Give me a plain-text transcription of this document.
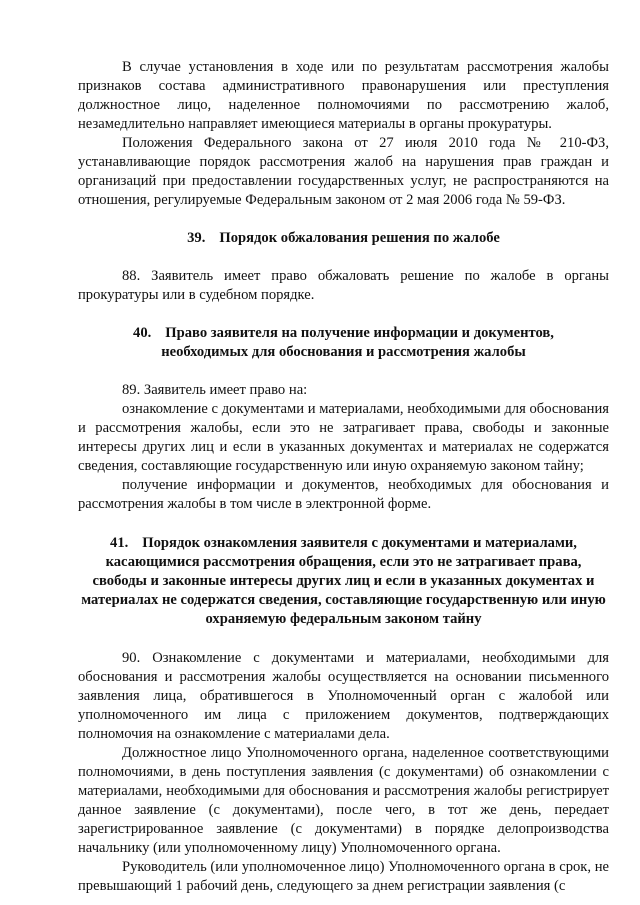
В случае установления в ходе или по результатам рассмотрения жалобы признаков состава административного правонарушения или преступления должностное лицо, наделенное полномочиями по рассмотрению жалоб, незамедлительно направляет имеющиеся материалы в органы прокуратуры.

Положения Федерального закона от 27 июля 2010 года № 210-ФЗ, устанавливающие порядок рассмотрения жалоб на нарушения прав граждан и организаций при предоставлении государственных услуг, не распространяются на отношения, регулируемые Федеральным законом от 2 мая 2006 года № 59-ФЗ.

39. Порядок обжалования решения по жалобе

88. Заявитель имеет право обжаловать решение по жалобе в органы прокуратуры или в судебном порядке.

40. Право заявителя на получение информации и документов, необходимых для обоснования и рассмотрения жалобы

89. Заявитель имеет право на:

ознакомление с документами и материалами, необходимыми для обоснования и рассмотрения жалобы, если это не затрагивает права, свободы и законные интересы других лиц и если в указанных документах и материалах не содержатся сведения, составляющие государственную или иную охраняемую законом тайну;

получение информации и документов, необходимых для обоснования и рассмотрения жалобы в том числе в электронной форме.

41. Порядок ознакомления заявителя с документами и материалами, касающимися рассмотрения обращения, если это не затрагивает права, свободы и законные интересы других лиц и если в указанных документах и материалах не содержатся сведения, составляющие государственную или иную охраняемую федеральным законом тайну

90. Ознакомление с документами и материалами, необходимыми для обоснования и рассмотрения жалобы осуществляется на основании письменного заявления лица, обратившегося в Уполномоченный орган с жалобой или уполномоченного им лица с приложением документов, подтверждающих полномочия на ознакомление с материалами дела.

Должностное лицо Уполномоченного органа, наделенное соответствующими полномочиями, в день поступления заявления (с документами) об ознакомлении с материалами, необходимыми для обоснования и рассмотрения жалобы регистрирует данное заявление (с документами), после чего, в тот же день, передает зарегистрированное заявление (с документами) в порядке делопроизводства начальнику (или уполномоченному лицу) Уполномоченного органа.

Руководитель (или уполномоченное лицо) Уполномоченного органа в срок, не превышающий 1 рабочий день, следующего за днем регистрации заявления (с
